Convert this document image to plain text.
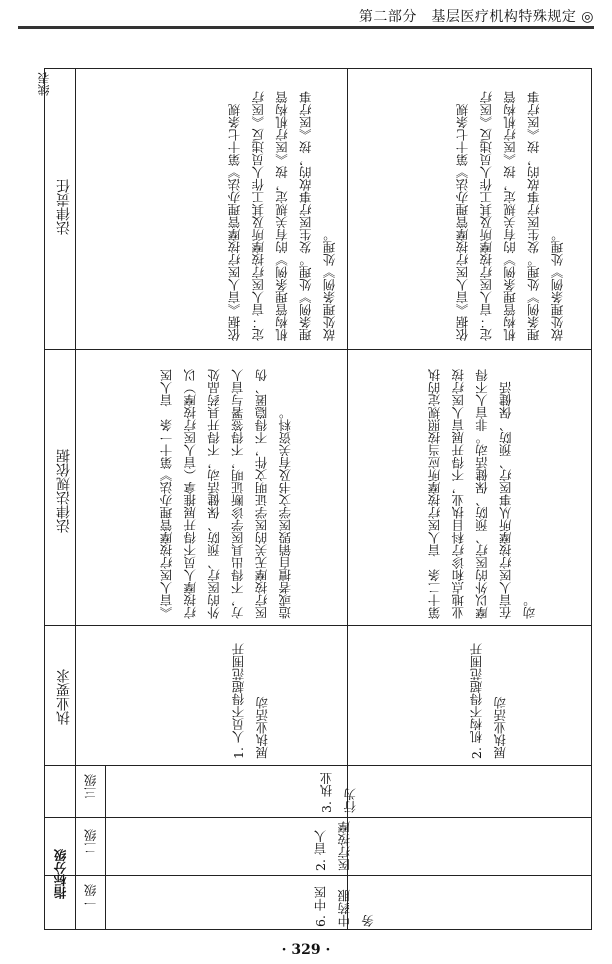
第二部分　基层医疗机构特殊规定 ◎
续表
指标分级	一级
二级
三级
执业要求
法律法规依据
法律责任
6. 中医中药服务
2. 盲人医疗按摩
3. 执业行为
1. 人员不得超范围开展执业活动
《盲人医疗按摩管理办法》第十一条　盲人医疗按摩人员不得开展推拿（盲人医疗按摩）以外的医疗、预防、保健活动，不得开具药品处方，不得出具医学诊断证明，不得签署与盲人医疗按摩无关的医学证明文件，不得隐匿、伪造或者擅自销毁医学文书及有关资料。
依据《盲人医疗按摩管理办法》第十七条规定：盲人医疗按摩所及其工作人员违反《医疗机构管理条例》的有关规定，按《医疗机构管理条例》处理。发生医疗事故的，按《医疗事故处理条例》处理。
2. 机构不得超范围开展执业活动
第十二条　盲人医疗按摩所应当按照规定的执业地点和诊疗科目执业，不得开展盲人医疗按摩以外的医疗、预防、保健活动。非盲人不得在盲人医疗按摩所从事医疗、预防、保健活动。
依据《盲人医疗按摩管理办法》第十七条规定：盲人医疗按摩所及其工作人员违反《医疗机构管理条例》的有关规定，按《医疗机构管理条例》处理。发生医疗事故的，按《医疗事故处理条例》处理。
· 329 ·
